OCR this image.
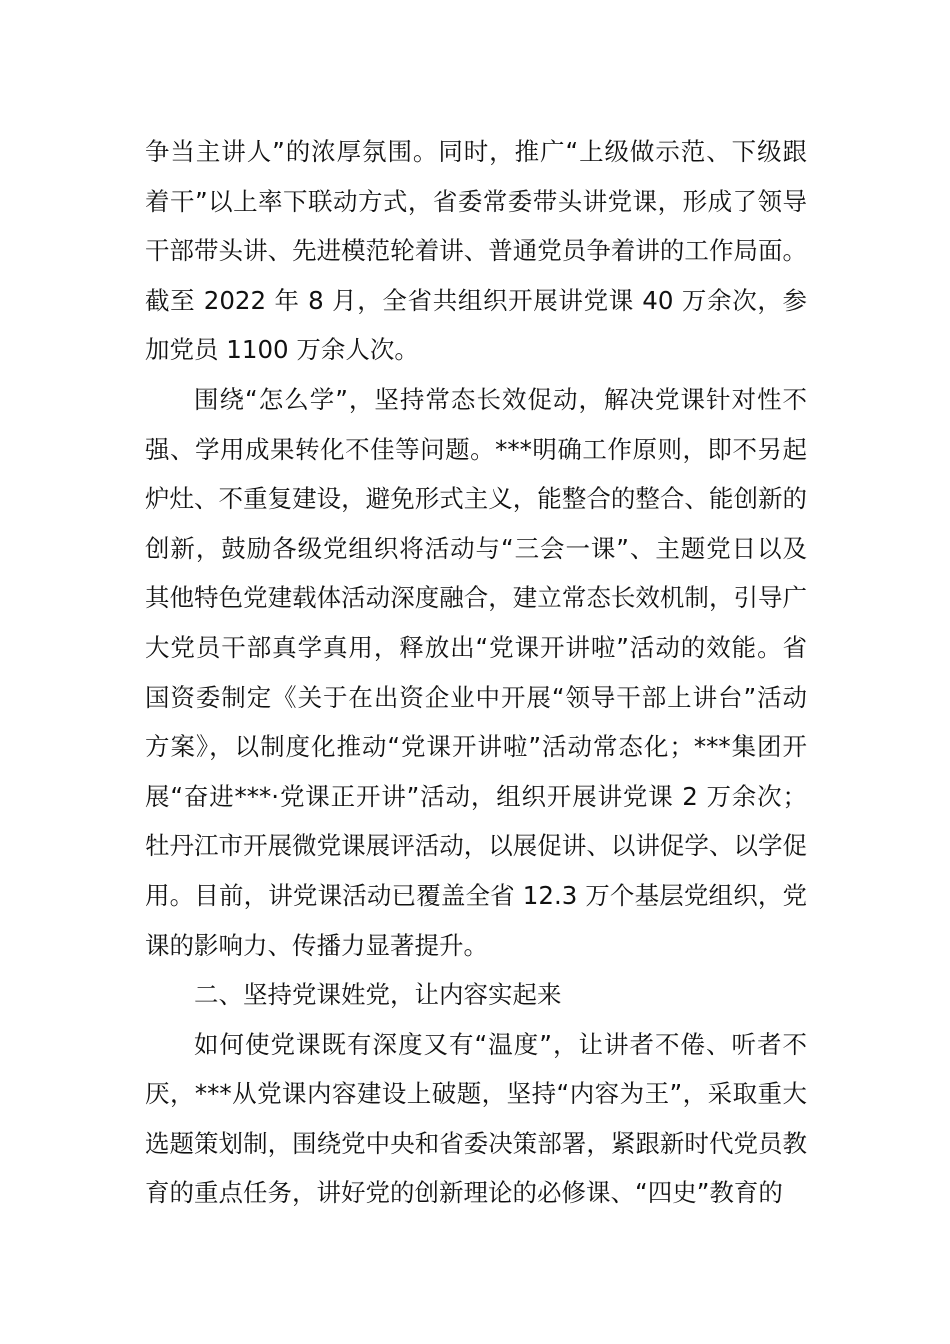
争当主讲人”的浓厚氛围。同时，推广“上级做示范、下级跟着干”以上率下联动方式，省委常委带头讲党课，形成了领导干部带头讲、先进模范轮着讲、普通党员争着讲的工作局面。截至 2022 年 8 月，全省共组织开展讲党课 40 万余次，参加党员 1100 万余人次。

围绕“怎么学”，坚持常态长效促动，解决党课针对性不强、学用成果转化不佳等问题。***明确工作原则，即不另起炉灶、不重复建设，避免形式主义，能整合的整合、能创新的创新，鼓励各级党组织将活动与“三会一课”、主题党日以及其他特色党建载体活动深度融合，建立常态长效机制，引导广大党员干部真学真用，释放出“党课开讲啦”活动的效能。省国资委制定《关于在出资企业中开展“领导干部上讲台”活动方案》，以制度化推动“党课开讲啦”活动常态化；***集团开展“奋进***·党课正开讲”活动，组织开展讲党课 2 万余次；牡丹江市开展微党课展评活动，以展促讲、以讲促学、以学促用。目前，讲党课活动已覆盖全省 12.3 万个基层党组织，党课的影响力、传播力显著提升。

二、坚持党课姓党，让内容实起来

如何使党课既有深度又有“温度”，让讲者不倦、听者不厌，***从党课内容建设上破题，坚持“内容为王”，采取重大选题策划制，围绕党中央和省委决策部署，紧跟新时代党员教育的重点任务，讲好党的创新理论的必修课、“四史”教育的
